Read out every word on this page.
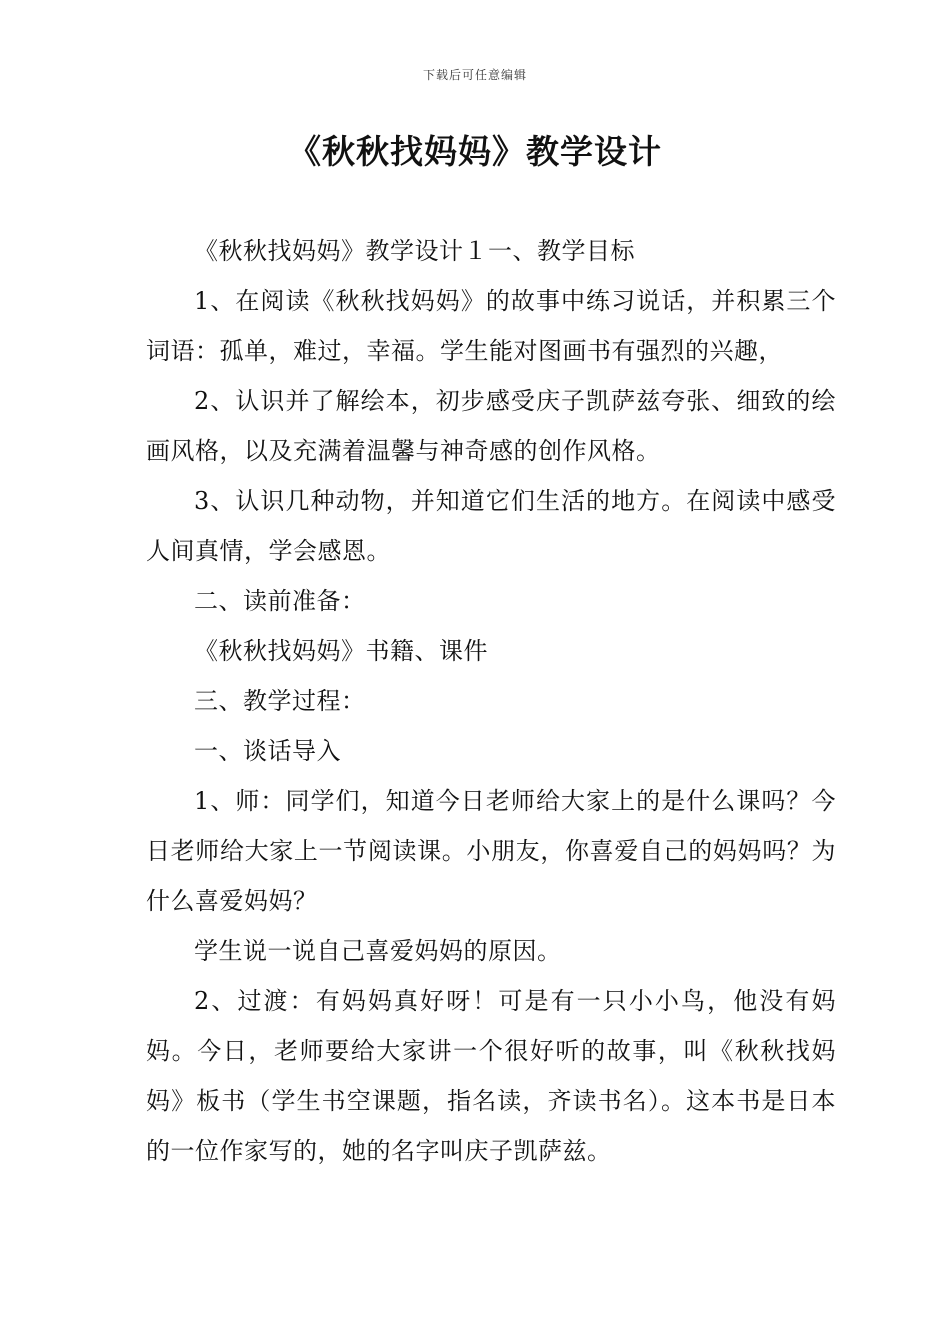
下载后可任意编辑
《秋秋找妈妈》教学设计

《秋秋找妈妈》教学设计１一、教学目标

1、在阅读《秋秋找妈妈》的故事中练习说话，并积累三个词语：孤单，难过，幸福。学生能对图画书有强烈的兴趣，

2、认识并了解绘本，初步感受庆子凯萨兹夸张、细致的绘画风格，以及充满着温馨与神奇感的创作风格。

3、认识几种动物，并知道它们生活的地方。在阅读中感受人间真情，学会感恩。

二、读前准备：

《秋秋找妈妈》书籍、课件

三、教学过程：

一、谈话导入

1、师：同学们，知道今日老师给大家上的是什么课吗？今日老师给大家上一节阅读课。小朋友，你喜爱自己的妈妈吗？为什么喜爱妈妈？

学生说一说自己喜爱妈妈的原因。

2、过渡：有妈妈真好呀！可是有一只小小鸟，他没有妈妈。今日，老师要给大家讲一个很好听的故事，叫《秋秋找妈妈》板书（学生书空课题，指名读，齐读书名）。这本书是日本的一位作家写的，她的名字叫庆子凯萨兹。
